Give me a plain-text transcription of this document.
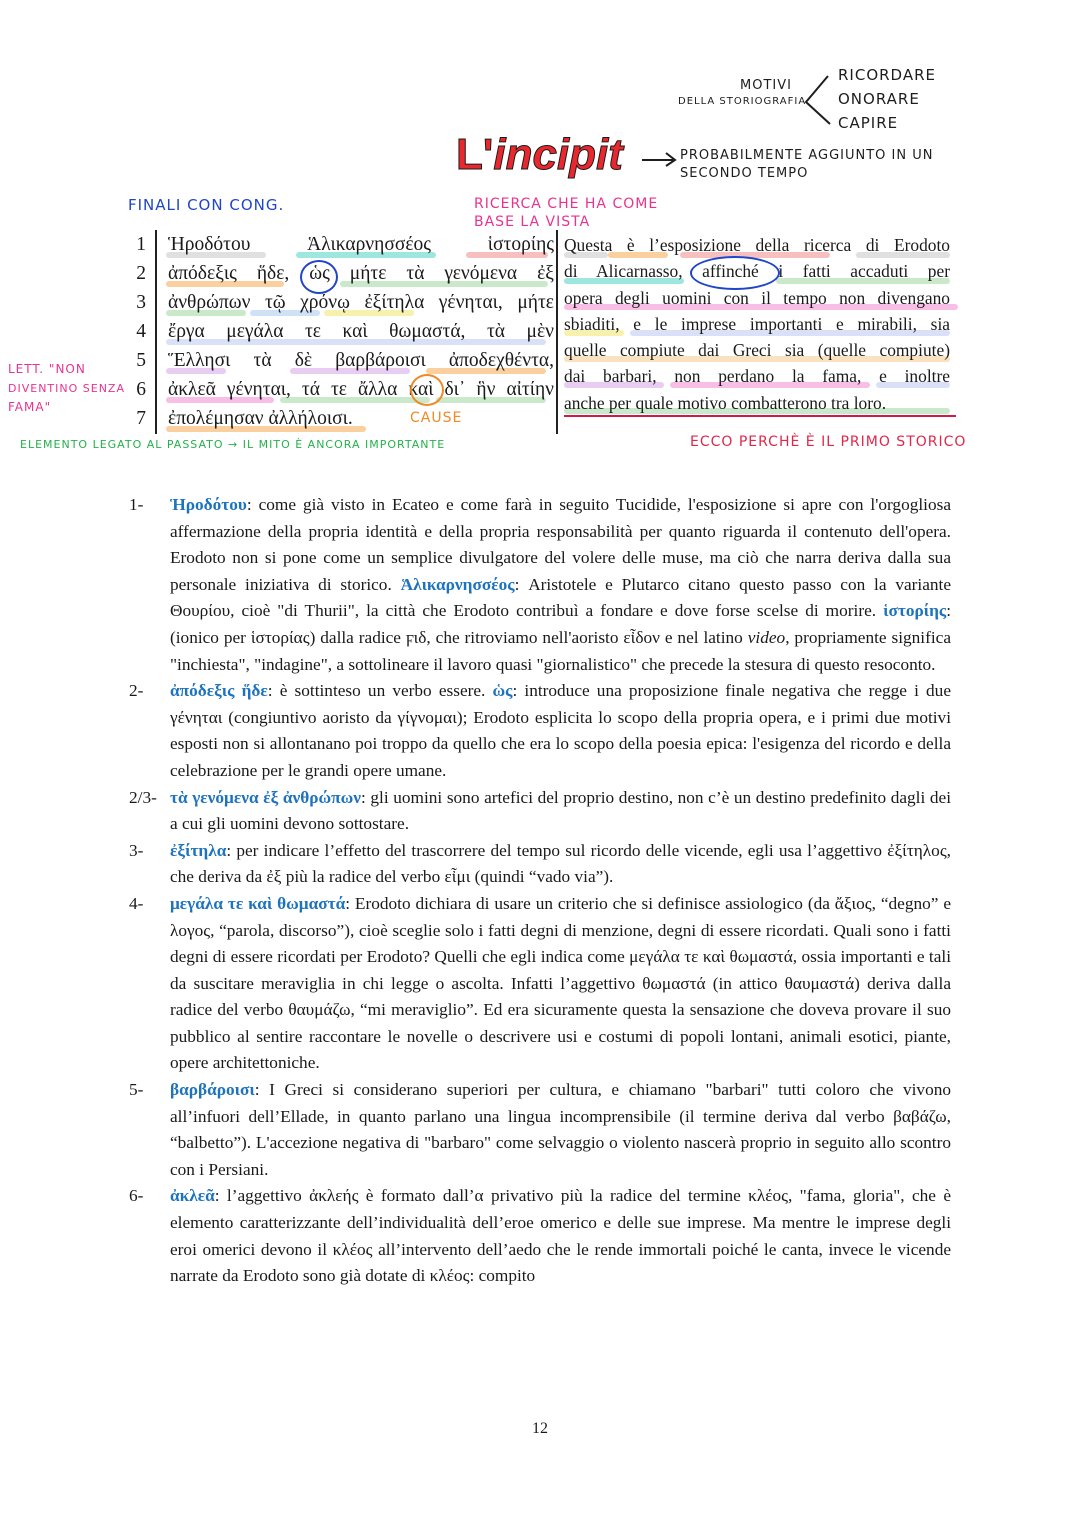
MOTIVI
DELLA STORIOGRAFIA
RICORDARE
ONORARE
CAPIRE
L'incipit	PROBABILMENTE AGGIUNTO IN UN
SECONDO TEMPO
FINALI CON CONG.	RICERCA CHE HA COME
BASE LA VISTA
LETT. "NON
DIVENTINO SENZA
FAMA"
1 Ἡροδότου Ἁλικαρνησσέος ἱστορίης
2 ἀπόδεξις ἥδε, ὡς μήτε τὰ γενόμενα ἐξ
3 ἀνθρώπων τῷ χρόνῳ ἐξίτηλα γένηται, μήτε
4 ἔργα μεγάλα τε καὶ θωμαστά, τὰ μὲν
5 Ἕλλησι τὰ δὲ βαρβάροισι ἀποδεχθέντα,
6 ἀκλεᾶ γένηται, τά τε ἄλλα καὶ δι᾽ ἣν αἰτίην
7 ἐπολέμησαν ἀλλήλοισι.	CAUSE
ELEMENTO LEGATO AL PASSATO → IL MITO È ANCORA IMPORTANTE
Questa è l’esposizione della ricerca di Erodoto
di Alicarnasso, affinché i fatti accaduti per
opera degli uomini con il tempo non divengano
sbiaditi, e le imprese importanti e mirabili, sia
quelle compiute dai Greci sia (quelle compiute)
dai barbari, non perdano la fama, e inoltre
anche per quale motivo combatterono tra loro.
ECCO PERCHÈ È IL PRIMO STORICO
1- Ἡροδότου: come già visto in Ecateo e come farà in seguito Tucidide, l'esposizione si apre con l'orgogliosa affermazione della propria identità e della propria responsabilità per quanto riguarda il contenuto dell'opera. Erodoto non si pone come un semplice divulgatore del volere delle muse, ma ciò che narra deriva dalla sua personale iniziativa di storico. Ἁλικαρνησσέος: Aristotele e Plutarco citano questo passo con la variante Θουρίου, cioè "di Thurii", la città che Erodoto contribuì a fondare e dove forse scelse di morire. ἱστορίης: (ionico per ἱστορίας) dalla radice ϝιδ, che ritroviamo nell'aoristo εἶδον e nel latino video, propriamente significa "inchiesta", "indagine", a sottolineare il lavoro quasi "giornalistico" che precede la stesura di questo resoconto.
2- ἀπόδεξις ἥδε: è sottinteso un verbo essere. ὡς: introduce una proposizione finale negativa che regge i due γένηται (congiuntivo aoristo da γίγνομαι); Erodoto esplicita lo scopo della propria opera, e i primi due motivi esposti non si allontanano poi troppo da quello che era lo scopo della poesia epica: l'esigenza del ricordo e della celebrazione per le grandi opere umane.
2/3- τὰ γενόμενα ἐξ ἀνθρώπων: gli uomini sono artefici del proprio destino, non c’è un destino predefinito dagli dei a cui gli uomini devono sottostare.
3- ἐξίτηλα: per indicare l’effetto del trascorrere del tempo sul ricordo delle vicende, egli usa l’aggettivo ἐξίτηλος, che deriva da ἐξ più la radice del verbo εἶμι (quindi “vado via”).
4- μεγάλα τε καὶ θωμαστά: Erodoto dichiara di usare un criterio che si definisce assiologico (da ἄξιος, “degno” e λογος, “parola, discorso”), cioè sceglie solo i fatti degni di menzione, degni di essere ricordati. Quali sono i fatti degni di essere ricordati per Erodoto? Quelli che egli indica come μεγάλα τε καὶ θωμαστά, ossia importanti e tali da suscitare meraviglia in chi legge o ascolta. Infatti l’aggettivo θωμαστά (in attico θαυμαστά) deriva dalla radice del verbo θαυμάζω, “mi meraviglio”. Ed era sicuramente questa la sensazione che doveva provare il suo pubblico al sentire raccontare le novelle o descrivere usi e costumi di popoli lontani, animali esotici, piante, opere architettoniche.
5- βαρβάροισι: I Greci si considerano superiori per cultura, e chiamano "barbari" tutti coloro che vivono all’infuori dell’Ellade, in quanto parlano una lingua incomprensibile (il termine deriva dal verbo βαβάζω, “balbetto”). L'accezione negativa di "barbaro" come selvaggio o violento nascerà proprio in seguito allo scontro con i Persiani.
6- ἀκλεᾶ: l’aggettivo ἀκλεής è formato dall’α privativo più la radice del termine κλέος, "fama, gloria", che è elemento caratterizzante dell’individualità dell’eroe omerico e delle sue imprese. Ma mentre le imprese degli eroi omerici devono il κλέος all’intervento dell’aedo che le rende immortali poiché le canta, invece le vicende narrate da Erodoto sono già dotate di κλέος: compito
12
